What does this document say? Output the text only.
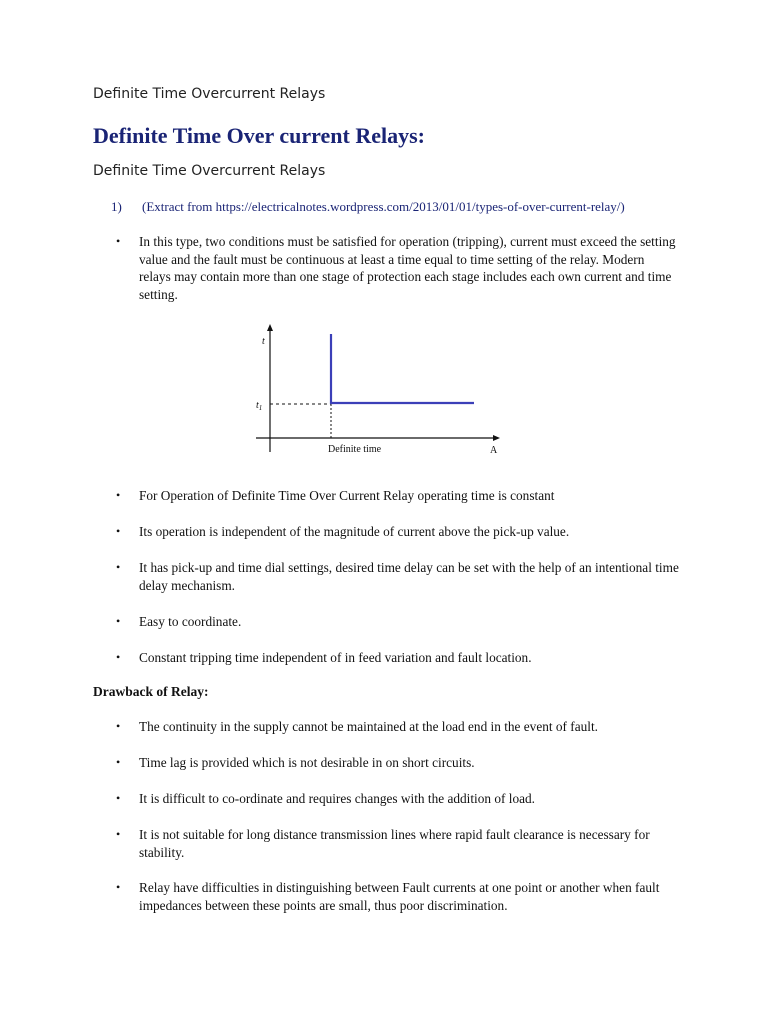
Definite Time Overcurrent Relays
Definite Time Over current Relays:
Definite Time Overcurrent Relays
1) (Extract from https://electricalnotes.wordpress.com/2013/01/01/types-of-over-current-relay/)
•	In this type, two conditions must be satisfied for operation (tripping), current must exceed the setting value and the fault must be continuous at least a time equal to time setting of the relay. Modern relays may contain more than one stage of protection each stage includes each own current and time setting.
t
$t_1$
Definite time	A
•	For Operation of Definite Time Over Current Relay operating time is constant
•	Its operation is independent of the magnitude of current above the pick-up value.
•	It has pick-up and time dial settings, desired time delay can be set with the help of an intentional time delay mechanism.
•	Easy to coordinate.
•	Constant tripping time independent of in feed variation and fault location.
Drawback of Relay:
•	The continuity in the supply cannot be maintained at the load end in the event of fault.
•	Time lag is provided which is not desirable in on short circuits.
•	It is difficult to co-ordinate and requires changes with the addition of load.
•	It is not suitable for long distance transmission lines where rapid fault clearance is necessary for stability.
•	Relay have difficulties in distinguishing between Fault currents at one point or another when fault impedances between these points are small, thus poor discrimination.
